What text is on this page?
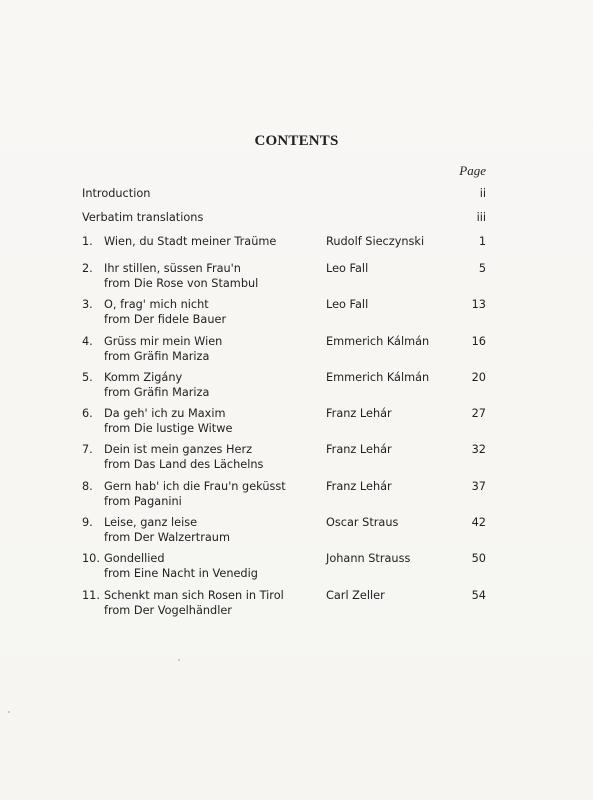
CONTENTS
Page
Introduction	ii
Verbatim translations	iii
1. Wien, du Stadt meiner Traüme	Rudolf Sieczynski	1
2. Ihr stillen, süssen Frau'n
from Die Rose von Stambul
Leo Fall	5
3. O, frag' mich nicht
from Der fidele Bauer
Leo Fall	13
4. Grüss mir mein Wien
from Gräfin Mariza
Emmerich Kálmán	16
5. Komm Zigány
from Gräfin Mariza
Emmerich Kálmán	20
6. Da geh' ich zu Maxim
from Die lustige Witwe
Franz Lehár	27
7. Dein ist mein ganzes Herz
from Das Land des Lächelns
Franz Lehár	32
8. Gern hab' ich die Frau'n geküsst
from Paganini
Franz Lehár	37
9. Leise, ganz leise
from Der Walzertraum
Oscar Straus	42
10. Gondellied
from Eine Nacht in Venedig
Johann Strauss	50
11. Schenkt man sich Rosen in Tirol
from Der Vogelhändler
Carl Zeller	54
